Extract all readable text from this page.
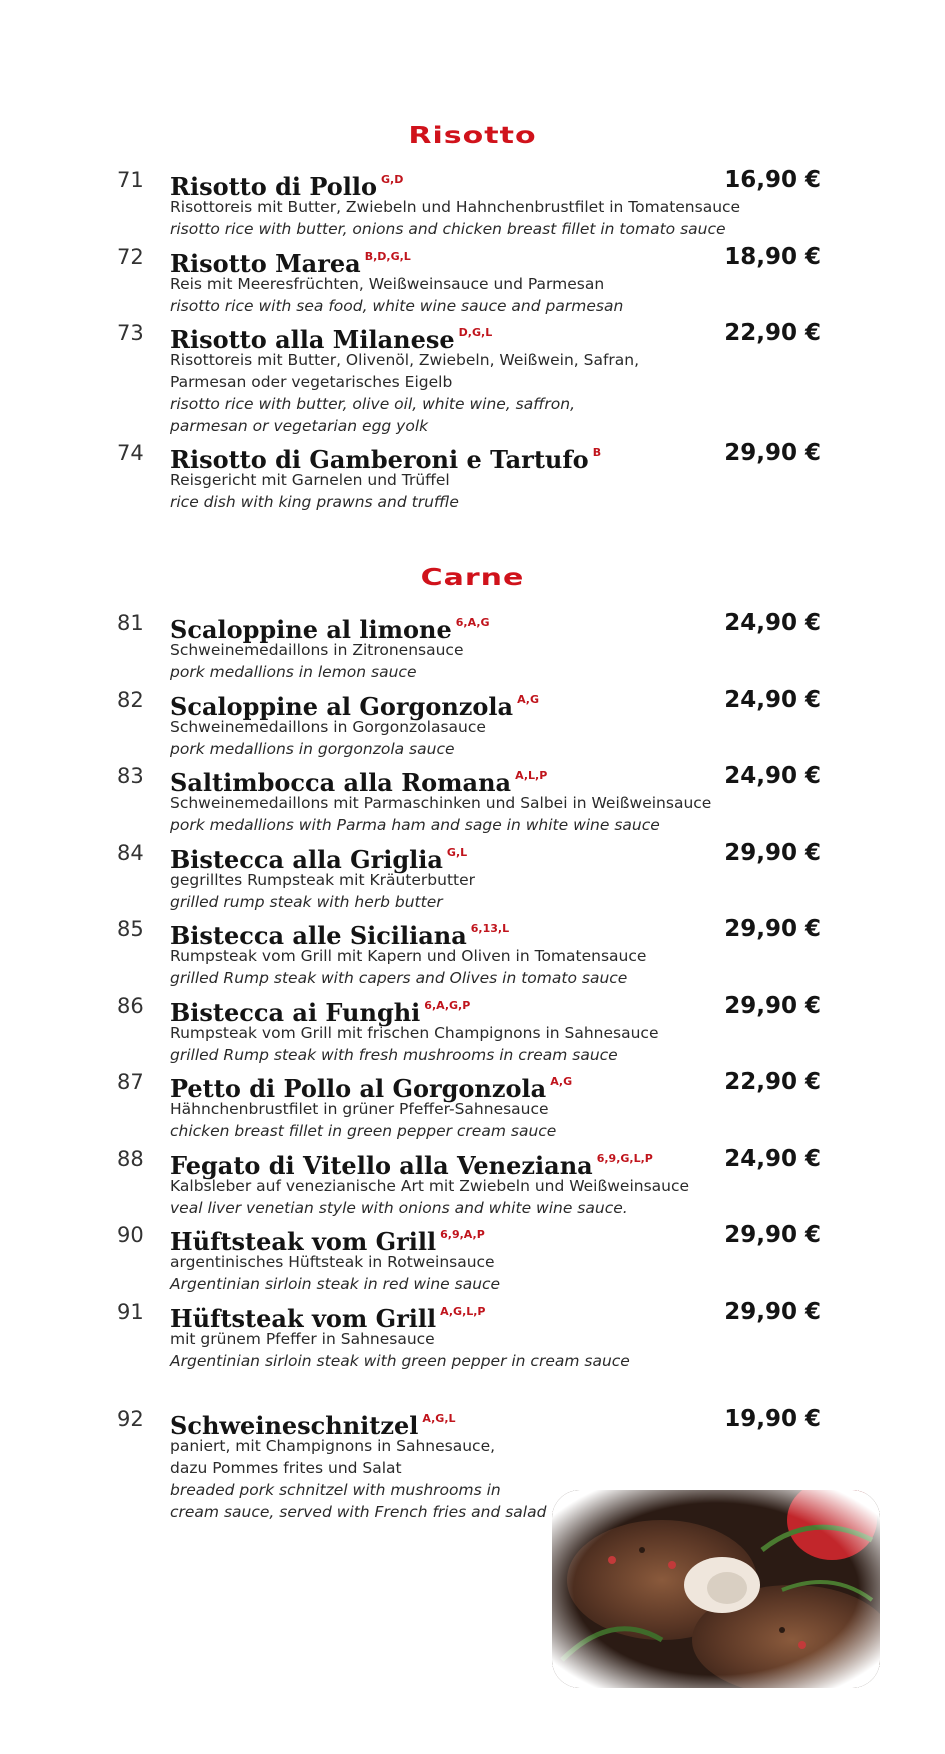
Risotto
Carne
71 Risotto di Pollo $^{G,D}$	16,90 €
Risottoreis mit Butter, Zwiebeln und Hahnchenbrustfilet in Tomatensauce
risotto rice with butter, onions and chicken breast fillet in tomato sauce
72 Risotto Marea $^{B,D,G,L}$	18,90 €
Reis mit Meeresfrüchten, Weißweinsauce und Parmesan
risotto rice with sea food, white wine sauce and parmesan
73 Risotto alla Milanese $^{D,G,L}$	22,90 €
Risottoreis mit Butter, Olivenöl, Zwiebeln, Weißwein, Safran,
Parmesan oder vegetarisches Eigelb
risotto rice with butter, olive oil, white wine, saffron,
parmesan or vegetarian egg yolk
74 Risotto di Gamberoni e Tartufo $^B$	29,90 €
Reisgericht mit Garnelen und Trüffel
rice dish with king prawns and truffle
81 Scaloppine al limone $^{6,A,G}$	24,90 €
Schweinemedaillons in Zitronensauce
pork medallions in lemon sauce
82 Scaloppine al Gorgonzola $^{A,G}$	24,90 €
Schweinemedaillons in Gorgonzolasauce
pork medallions in gorgonzola sauce
83 Saltimbocca alla Romana $^{A,L,P}$	24,90 €
Schweinemedaillons mit Parmaschinken und Salbei in Weißweinsauce
pork medallions with Parma ham and sage in white wine sauce
84 Bistecca alla Griglia $^{G,L}$	29,90 €
gegrilltes Rumpsteak mit Kräuterbutter
grilled rump steak with herb butter
85 Bistecca alle Siciliana $^{6,13,L}$	29,90 €
Rumpsteak vom Grill mit Kapern und Oliven in Tomatensauce
grilled Rump steak with capers and Olives in tomato sauce
86 Bistecca ai Funghi $^{6,A,G,P}$	29,90 €
Rumpsteak vom Grill mit frischen Champignons in Sahnesauce
grilled Rump steak with fresh mushrooms in cream sauce
87 Petto di Pollo al Gorgonzola $^{A,G}$	22,90 €
Hähnchenbrustfilet in grüner Pfeffer-Sahnesauce
chicken breast fillet in green pepper cream sauce
88 Fegato di Vitello alla Veneziana $^{6,9,G,L,P}$	24,90 €
Kalbsleber auf venezianische Art mit Zwiebeln und Weißweinsauce
veal liver venetian style with onions and white wine sauce.
90 Hüftsteak vom Grill $^{6,9,A,P}$	29,90 €
argentinisches Hüftsteak in Rotweinsauce
Argentinian sirloin steak in red wine sauce
91 Hüftsteak vom Grill $^{A,G,L,P}$	29,90 €
mit grünem Pfeffer in Sahnesauce
Argentinian sirloin steak with green pepper in cream sauce
92 Schweineschnitzel $^{A,G,L}$	19,90 €
paniert, mit Champignons in Sahnesauce,
dazu Pommes frites und Salat
breaded pork schnitzel with mushrooms in
cream sauce, served with French fries and salad
